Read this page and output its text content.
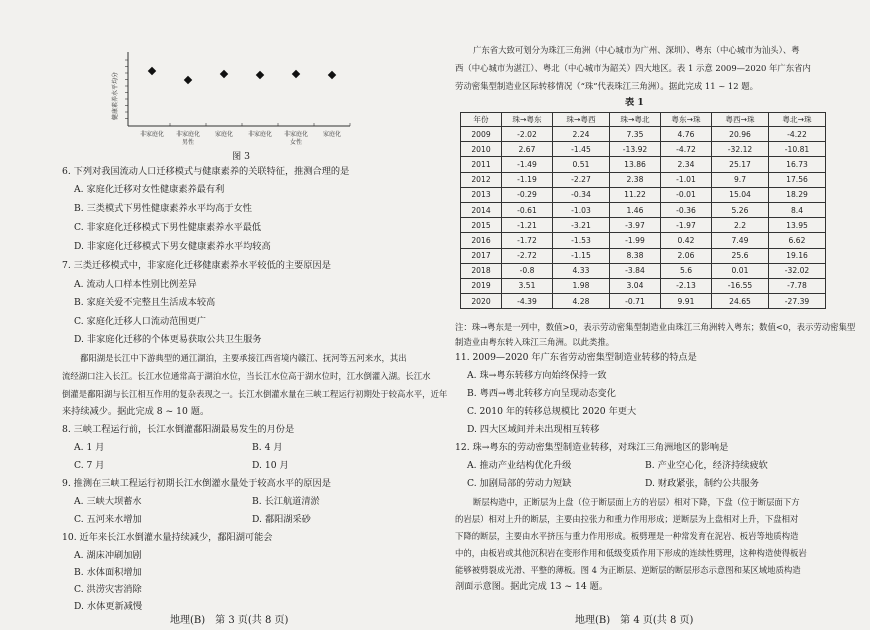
非家庭化 非家庭化
男性
家庭化 非家庭化 非家庭化
女性
家庭化
健康素养水平均分
图 3
6. 下列对我国流动人口迁移模式与健康素养的关联特征，推测合理的是
A. 家庭化迁移对女性健康素养最有利
B. 三类模式下男性健康素养水平均高于女性
C. 非家庭化迁移模式下男性健康素养水平最低
D. 非家庭化迁移模式下男女健康素养水平均较高
7. 三类迁移模式中，非家庭化迁移健康素养水平较低的主要原因是
A. 流动人口样本性别比例差异
B. 家庭关爱不完整且生活成本较高
C. 家庭化迁移人口流动范围更广
D. 非家庭化迁移的个体更易获取公共卫生服务
鄱阳湖是长江中下游典型的通江湖泊，主要承接江西省境内赣江、抚河等五河来水，其出
流经湖口注入长江。长江水位通常高于湖泊水位，当长江水位高于湖水位时，江水倒灌入湖。长江水
倒灌是鄱阳湖与长江相互作用的复杂表现之一。长江水倒灌水量在三峡工程运行初期处于较高水平，近年
来持续减少。据此完成 8 ~ 10 题。
8. 三峡工程运行前，长江水倒灌鄱阳湖最易发生的月份是
A. 1 月	B. 4 月
C. 7 月	D. 10 月
9. 推测在三峡工程运行初期长江水倒灌水量处于较高水平的原因是
A. 三峡大坝蓄水	B. 长江航道清淤
C. 五河来水增加	D. 鄱阳湖采砂
10. 近年来长江水倒灌水量持续减少，鄱阳湖可能会
A. 湖床冲刷加剧
B. 水体面积增加
C. 洪涝灾害消除
D. 水体更新减慢
地理(B)　第 3 页(共 8 页)
广东省大致可划分为珠江三角洲（中心城市为广州、深圳）、粤东（中心城市为汕头）、粤
西（中心城市为湛江）、粤北（中心城市为韶关）四大地区。表 1 示意 2009—2020 年广东省内
劳动密集型制造业区际转移情况（“珠”代表珠江三角洲）。据此完成 11 ~ 12 题。
表 1
年份	珠→粤东	珠→粤西	珠→粤北	粤东→珠	粤西→珠	粤北→珠
2009	-2.02	2.24	7.35	4.76	20.96	-4.22
2010	2.67	-1.45	-13.92	-4.72	-32.12	-10.81
2011	-1.49	0.51	13.86	2.34	25.17	16.73
2012	-1.19	-2.27	2.38	-1.01	9.7	17.56
2013	-0.29	-0.34	11.22	-0.01	15.04	18.29
2014	-0.61	-1.03	1.46	-0.36	5.26	8.4
2015	-1.21	-3.21	-3.97	-1.97	2.2	13.95
2016	-1.72	-1.53	-1.99	0.42	7.49	6.62
2017	-2.72	-1.15	8.38	2.06	25.6	19.16
2018	-0.8	4.33	-3.84	5.6	0.01	-32.02
2019	3.51	1.98	3.04	-2.13	-16.55	-7.78
2020	-4.39	4.28	-0.71	9.91	24.65	-27.39
注：珠→粤东是一列中，数值>0，表示劳动密集型制造业由珠江三角洲转入粤东；数值<0，表示劳动密集型
制造业由粤东转入珠江三角洲。以此类推。
11. 2009—2020 年广东省劳动密集型制造业转移的特点是
A. 珠→粤东转移方向始终保持一致
B. 粤西→粤北转移方向呈现动态变化
C. 2010 年的转移总规模比 2020 年更大
D. 四大区域间并未出现相互转移
12. 珠→粤东的劳动密集型制造业转移，对珠江三角洲地区的影响是
A. 推动产业结构优化升级	B. 产业空心化，经济持续疲软
C. 加剧局部的劳动力短缺	D. 财政紧张，制约公共服务
断层构造中，正断层为上盘（位于断层面上方的岩层）相对下降，下盘（位于断层面下方
的岩层）相对上升的断层，主要由拉张力和重力作用形成；逆断层为上盘相对上升，下盘相对
下降的断层，主要由水平挤压与重力作用形成。板劈理是一种常发育在泥岩、板岩等地质构造
中的，由板岩或其他沉积岩在变形作用和低级变质作用下形成的连续性劈理，这种构造使得板岩
能够被劈裂成光滑、平整的薄板。图 4 为正断层、逆断层的断层形态示意图和某区域地质构造
剖面示意图。据此完成 13 ~ 14 题。
地理(B)　第 4 页(共 8 页)
